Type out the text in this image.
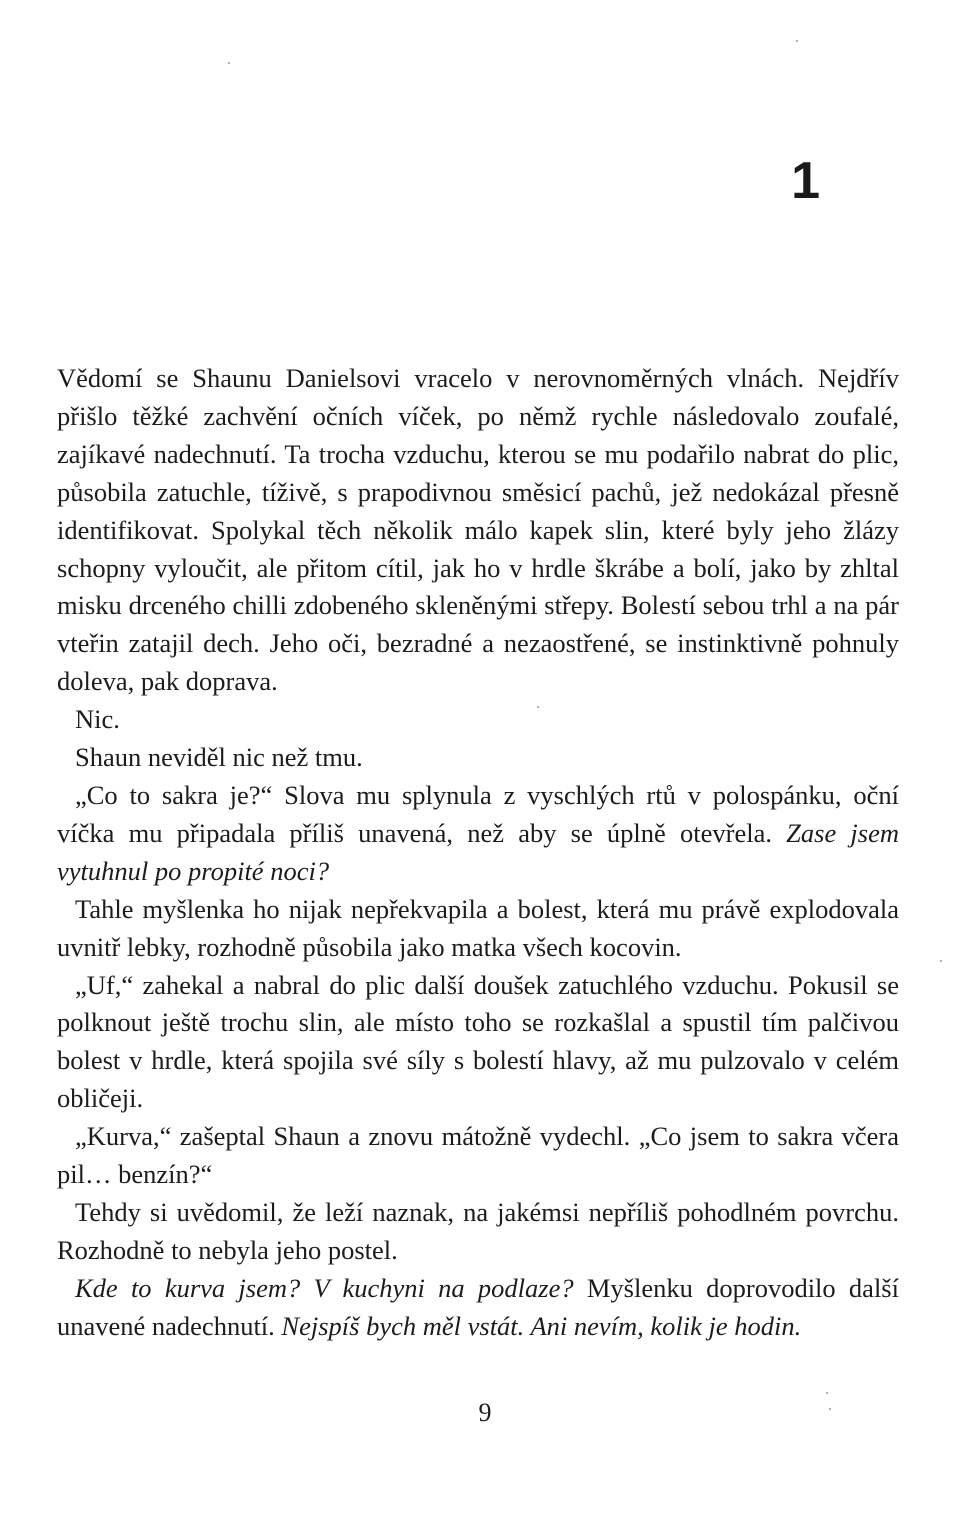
1

Vědomí se Shaunu Danielsovi vracelo v nerovnoměrných vlnách. Nejdřív přišlo těžké zachvění očních víček, po němž rychle následovalo zoufalé, zajíkavé nadechnutí. Ta trocha vzduchu, kterou se mu podařilo nabrat do plic, působila zatuchle, tíživě, s prapodivnou směsicí pachů, jež nedokázal přesně identifikovat. Spolykal těch několik málo kapek slin, které byly jeho žlázy schopny vyloučit, ale přitom cítil, jak ho v hrdle škrábe a bolí, jako by zhltal misku drceného chilli zdobeného skleněnými střepy. Bolestí sebou trhl a na pár vteřin zatajil dech. Jeho oči, bezradné a nezaostřené, se instinktivně pohnuly doleva, pak doprava.

Nic.

Shaun neviděl nic než tmu.

„Co to sakra je?“ Slova mu splynula z vyschlých rtů v polospánku, oční víčka mu připadala příliš unavená, než aby se úplně otevřela. Zase jsem vytuhnul po propité noci?

Tahle myšlenka ho nijak nepřekvapila a bolest, která mu právě explodovala uvnitř lebky, rozhodně působila jako matka všech kocovin.

„Uf,“ zahekal a nabral do plic další doušek zatuchlého vzduchu. Pokusil se polknout ještě trochu slin, ale místo toho se rozkašlal a spustil tím palčivou bolest v hrdle, která spojila své síly s bolestí hlavy, až mu pulzovalo v celém obličeji.

„Kurva,“ zašeptal Shaun a znovu mátožně vydechl. „Co jsem to sakra včera pil… benzín?“

Tehdy si uvědomil, že leží naznak, na jakémsi nepříliš pohodlném povrchu. Rozhodně to nebyla jeho postel.

Kde to kurva jsem? V kuchyni na podlaze? Myšlenku doprovodilo další unavené nadechnutí. Nejspíš bych měl vstát. Ani nevím, kolik je hodin.

9
